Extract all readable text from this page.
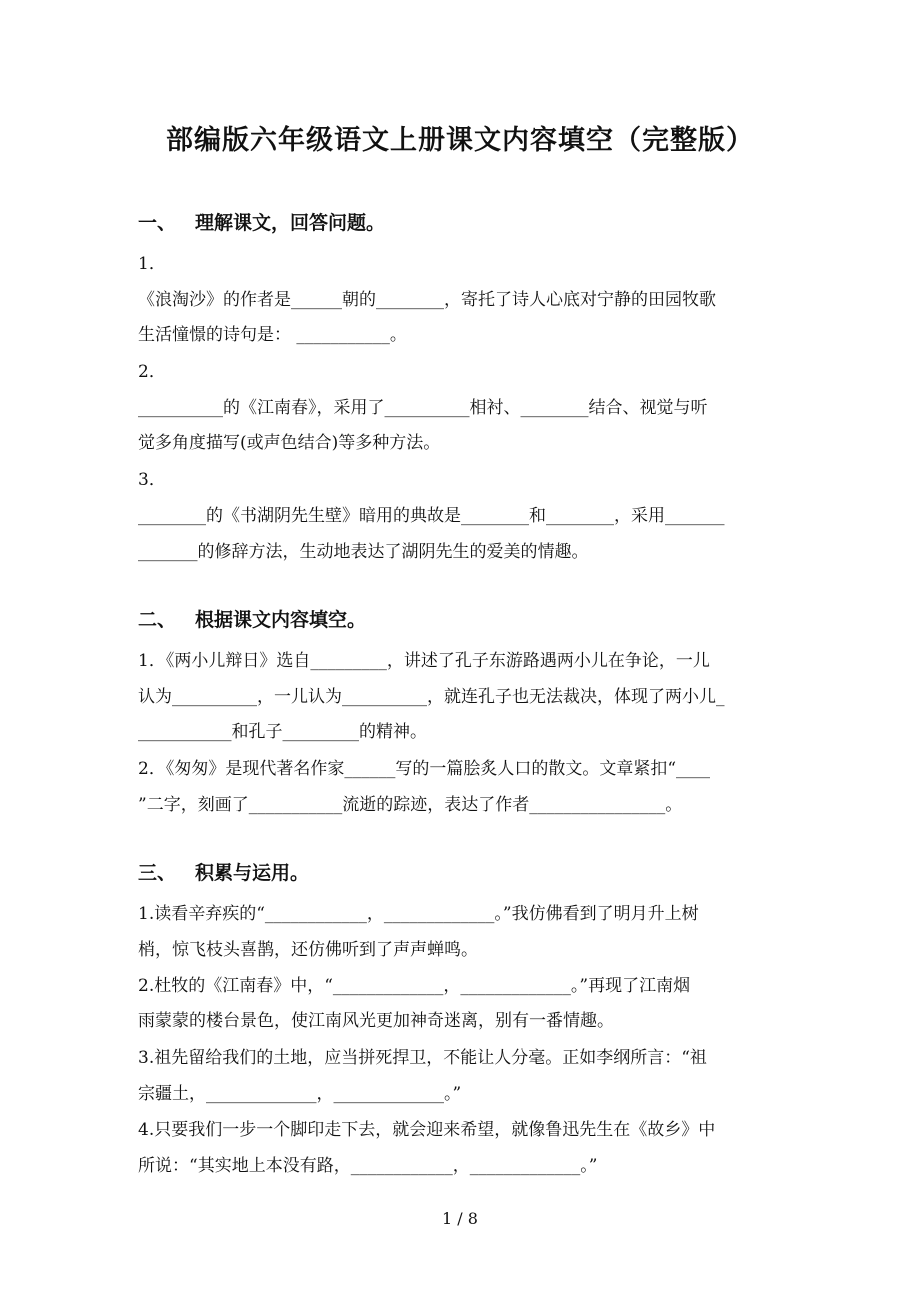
部编版六年级语文上册课文内容填空（完整版）
一、 理解课文，回答问题。

1．

《浪淘沙》的作者是______朝的________，寄托了诗人心底对宁静的田园牧歌

生活憧憬的诗句是： ___________。

2．

__________的《江南春》，采用了__________相衬、________结合、视觉与听

觉多角度描写(或声色结合)等多种方法。

3．

________的《书湖阴先生壁》暗用的典故是________和________，采用_______

_______的修辞方法，生动地表达了湖阴先生的爱美的情趣。

二、 根据课文内容填空。

1．《两小儿辩日》选自_________，讲述了孔子东游路遇两小儿在争论，一儿

认为__________，一儿认为__________，就连孔子也无法裁决，体现了两小儿_

___________和孔子_________的精神。

2．《匆匆》是现代著名作家______写的一篇脍炙人口的散文。文章紧扣“____

”二字，刻画了___________流逝的踪迹，表达了作者________________。

三、 积累与运用。

1.读看辛弃疾的“____________，_____________。”我仿佛看到了明月升上树

梢，惊飞枝头喜鹊，还仿佛听到了声声蝉鸣。

2.杜牧的《江南春》中，“_____________，_____________。”再现了江南烟

雨蒙蒙的楼台景色，使江南风光更加神奇迷离，别有一番情趣。

3.祖先留给我们的土地，应当拼死捍卫，不能让人分毫。正如李纲所言：“祖

宗疆土，_____________，_____________。”

4.只要我们一步一个脚印走下去，就会迎来希望，就像鲁迅先生在《故乡》中

所说：“其实地上本没有路，____________，_____________。”

1 / 8
